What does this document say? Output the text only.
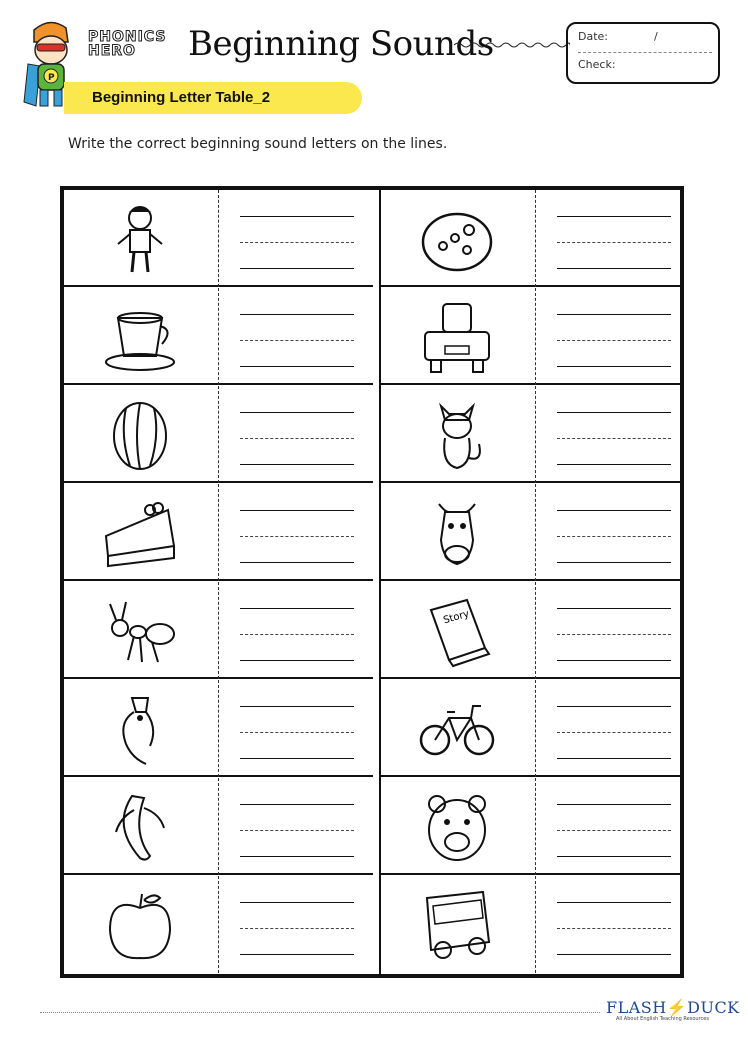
P
PHONICS
HERO	Beginning Sounds	Date:	/
Check:
Beginning Letter Table_2
Write the correct beginning sound letters on the lines.
Story
FLASH⚡DUCK
All About English Teaching Resources
